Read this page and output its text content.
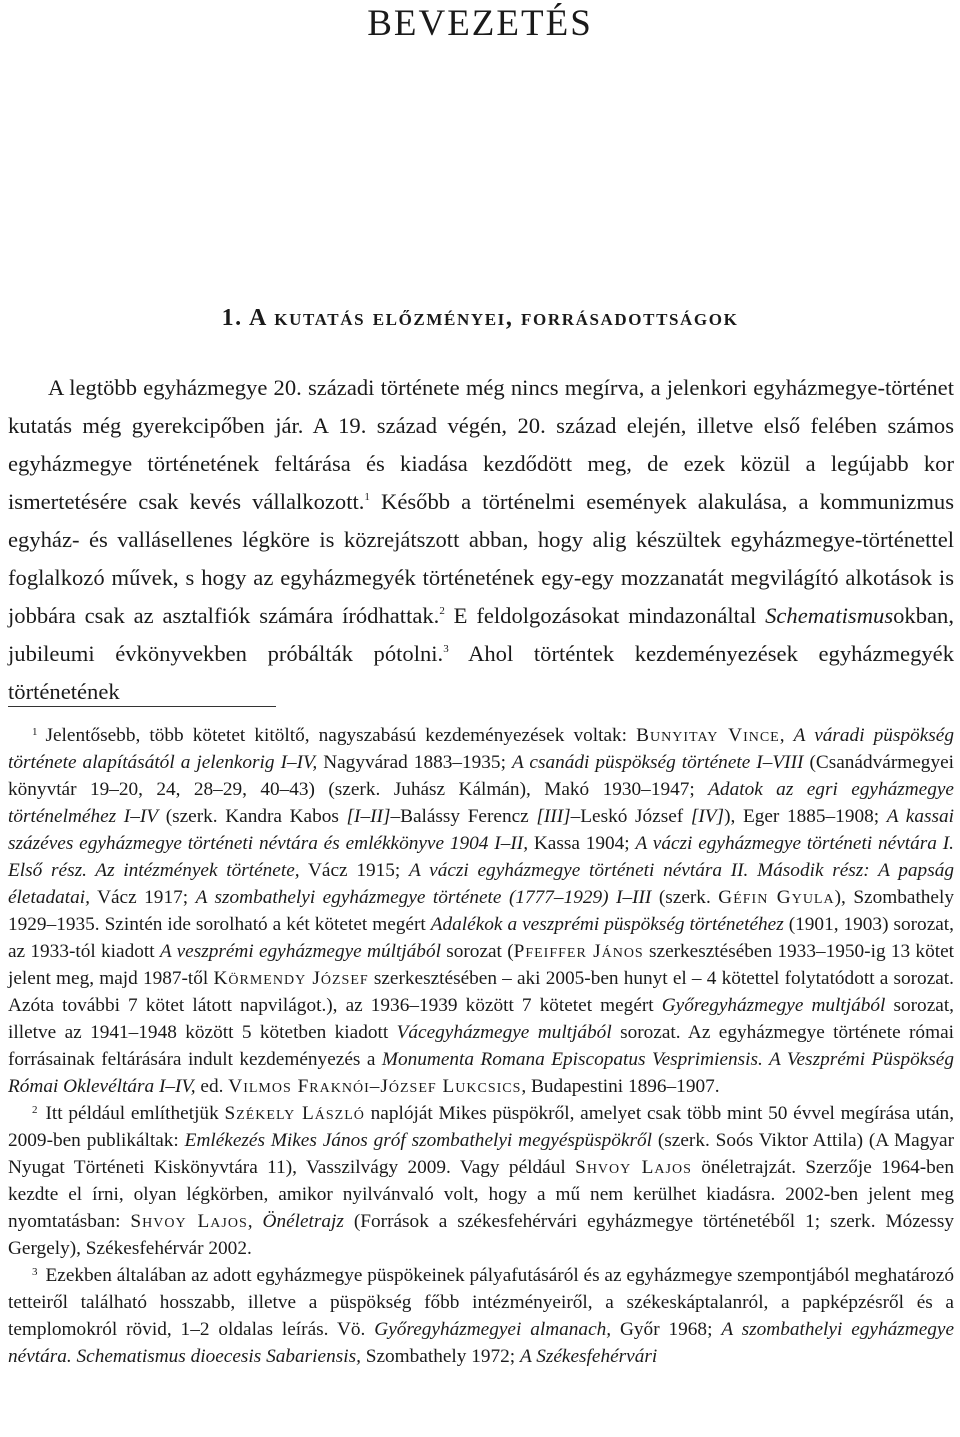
BEVEZETÉS
1. A kutatás előzményei, forrásadottságok

A legtöbb egyházmegye 20. századi története még nincs megírva, a jelenkori egyházmegye-történet kutatás még gyerekcipőben jár. A 19. század végén, 20. század elején, illetve első felében számos egyházmegye történetének feltárása és kiadása kezdődött meg, de ezek közül a legújabb kor ismertetésére csak kevés vállalkozott.$^1$ Később a történelmi események alakulása, a kommunizmus egyház- és vallásellenes légköre is közrejátszott abban, hogy alig készültek egyházmegye-történettel foglalkozó művek, s hogy az egyházmegyék történetének egy-egy mozzanatát megvilágító alkotások is jobbára csak az asztalfiók számára íródhattak.$^2$ E feldolgozásokat mindazonáltal Schematismusokban, jubileumi évkönyvekben próbálták pótolni.$^3$ Ahol történtek kezdeményezések egyházmegyék történetének

$^1$ Jelentősebb, több kötetet kitöltő, nagyszabású kezdeményezések voltak: Bunyitay Vince, A váradi püspökség története alapításától a jelenkorig I–IV, Nagyvárad 1883–1935; A csanádi püspökség története I–VIII (Csanádvármegyei könyvtár 19–20, 24, 28–29, 40–43) (szerk. Juhász Kálmán), Makó 1930–1947; Adatok az egri egyházmegye történelméhez I–IV (szerk. Kandra Kabos [I–II]–Balássy Ferencz [III]–Leskó József [IV]), Eger 1885–1908; A kassai százéves egyházmegye történeti névtára és emlékkönyve 1904 I–II, Kassa 1904; A váczi egyházmegye történeti névtára I. Első rész. Az intézmények története, Vácz 1915; A váczi egyházmegye történeti névtára II. Második rész: A papság életadatai, Vácz 1917; A szombathelyi egyházmegye története (1777–1929) I–III (szerk. Géfin Gyula), Szombathely 1929–1935. Szintén ide sorolható a két kötetet megért Adalékok a veszprémi püspökség történetéhez (1901, 1903) sorozat, az 1933-tól kiadott A veszprémi egyházmegye múltjából sorozat (Pfeiffer János szerkesztésében 1933–1950-ig 13 kötet jelent meg, majd 1987-től Körmendy József szerkesztésében – aki 2005-ben hunyt el – 4 kötettel folytatódott a sorozat. Azóta további 7 kötet látott napvilágot.), az 1936–1939 között 7 kötetet megért Győregyházmegye multjából sorozat, illetve az 1941–1948 között 5 kötetben kiadott Vácegyházmegye multjából sorozat. Az egyházmegye története római forrásainak feltárására indult kezdeményezés a Monumenta Romana Episcopatus Vesprimiensis. A Veszprémi Püspökség Római Oklevéltára I–IV, ed. Vilmos Fraknói–József Lukcsics, Budapestini 1896–1907.

$^2$ Itt például említhetjük Székely László naplóját Mikes püspökről, amelyet csak több mint 50 évvel megírása után, 2009-ben publikáltak: Emlékezés Mikes János gróf szombathelyi megyéspüspökről (szerk. Soós Viktor Attila) (A Magyar Nyugat Történeti Kiskönyvtára 11), Vasszilvágy 2009. Vagy például Shvoy Lajos önéletrajzát. Szerzője 1964-ben kezdte el írni, olyan légkörben, amikor nyilvánvaló volt, hogy a mű nem kerülhet kiadásra. 2002-ben jelent meg nyomtatásban: Shvoy Lajos, Önéletrajz (Források a székesfehérvári egyházmegye történetéből 1; szerk. Mózessy Gergely), Székesfehérvár 2002.

$^3$ Ezekben általában az adott egyházmegye püspökeinek pályafutásáról és az egyházmegye szempontjából meghatározó tetteiről található hosszabb, illetve a püspökség főbb intézményeiről, a székeskáptalanról, a papképzésről és a templomokról rövid, 1–2 oldalas leírás. Vö. Győregyházmegyei almanach, Győr 1968; A szombathelyi egyházmegye névtára. Schematismus dioecesis Sabariensis, Szombathely 1972; A Székesfehérvári
